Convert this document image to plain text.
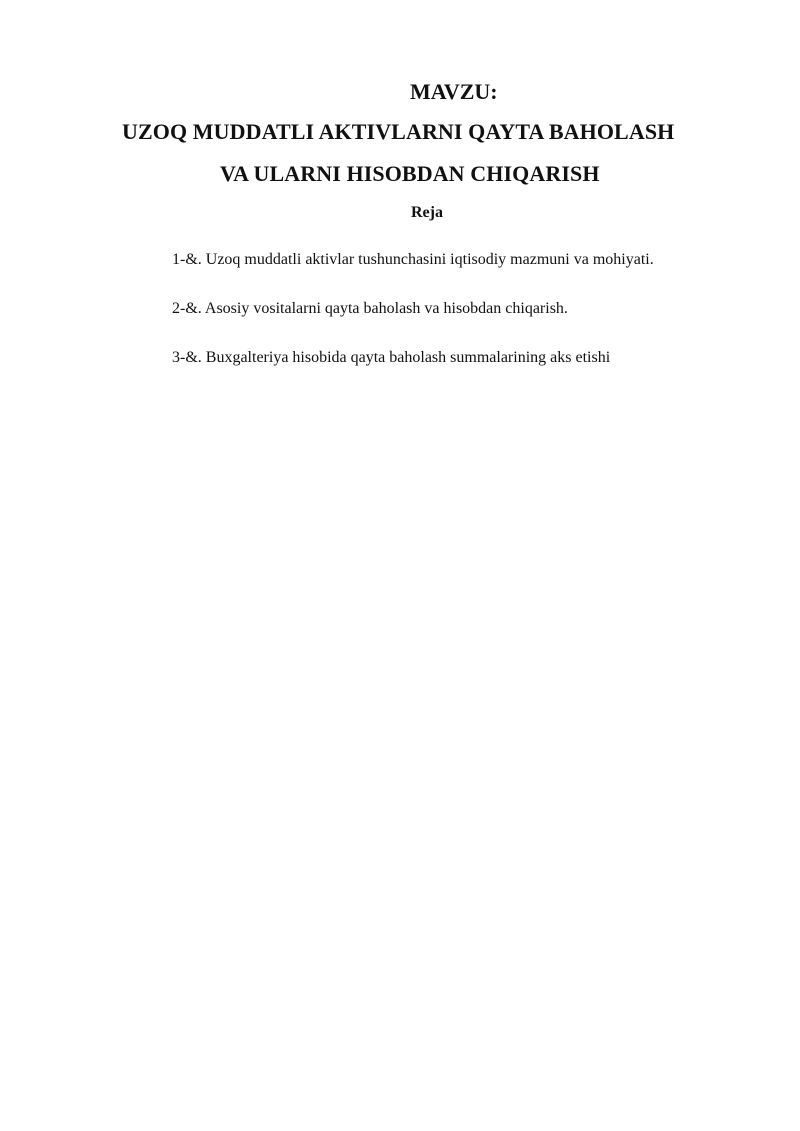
MAVZU:
UZOQ MUDDATLI AKTIVLARNI QAYTA BAHOLASH
VA ULARNI HISOBDAN CHIQARISH
Reja
1-&. Uzoq muddatli aktivlar tushunchasini iqtisodiy mazmuni va mohiyati.
2-&. Asosiy vositalarni qayta baholash va hisobdan chiqarish.
3-&. Buxgalteriya hisobida qayta baholash summalarining aks etishi
